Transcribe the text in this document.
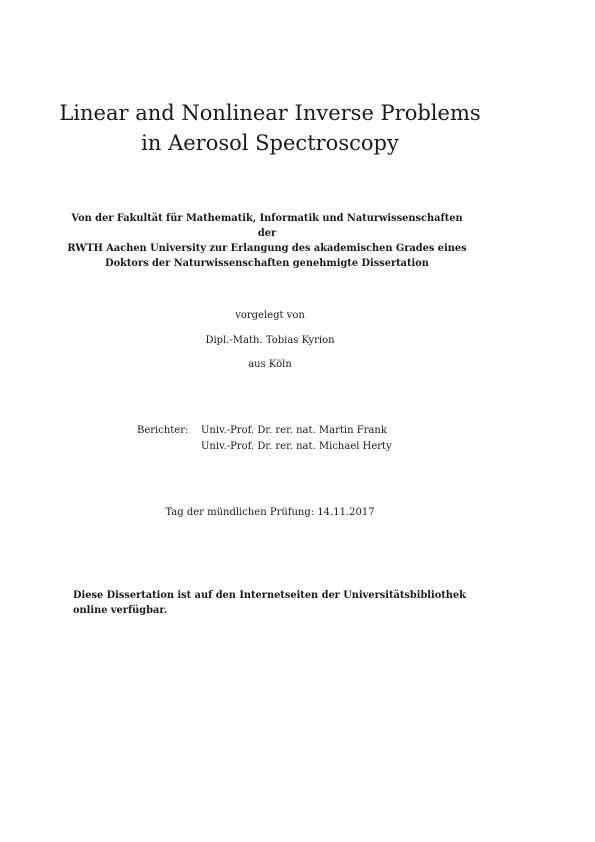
Linear and Nonlinear Inverse Problems
in Aerosol Spectroscopy
Von der Fakultät für Mathematik, Informatik und Naturwissenschaften der
RWTH Aachen University zur Erlangung des akademischen Grades eines
Doktors der Naturwissenschaften genehmigte Dissertation
vorgelegt von
Dipl.-Math. Tobias Kyrion
aus Köln
Berichter: Univ.-Prof. Dr. rer. nat. Martin Frank
Univ.-Prof. Dr. rer. nat. Michael Herty
Tag der mündlichen Prüfung: 14.11.2017
Diese Dissertation ist auf den Internetseiten der Universitätsbibliothek online verfügbar.
